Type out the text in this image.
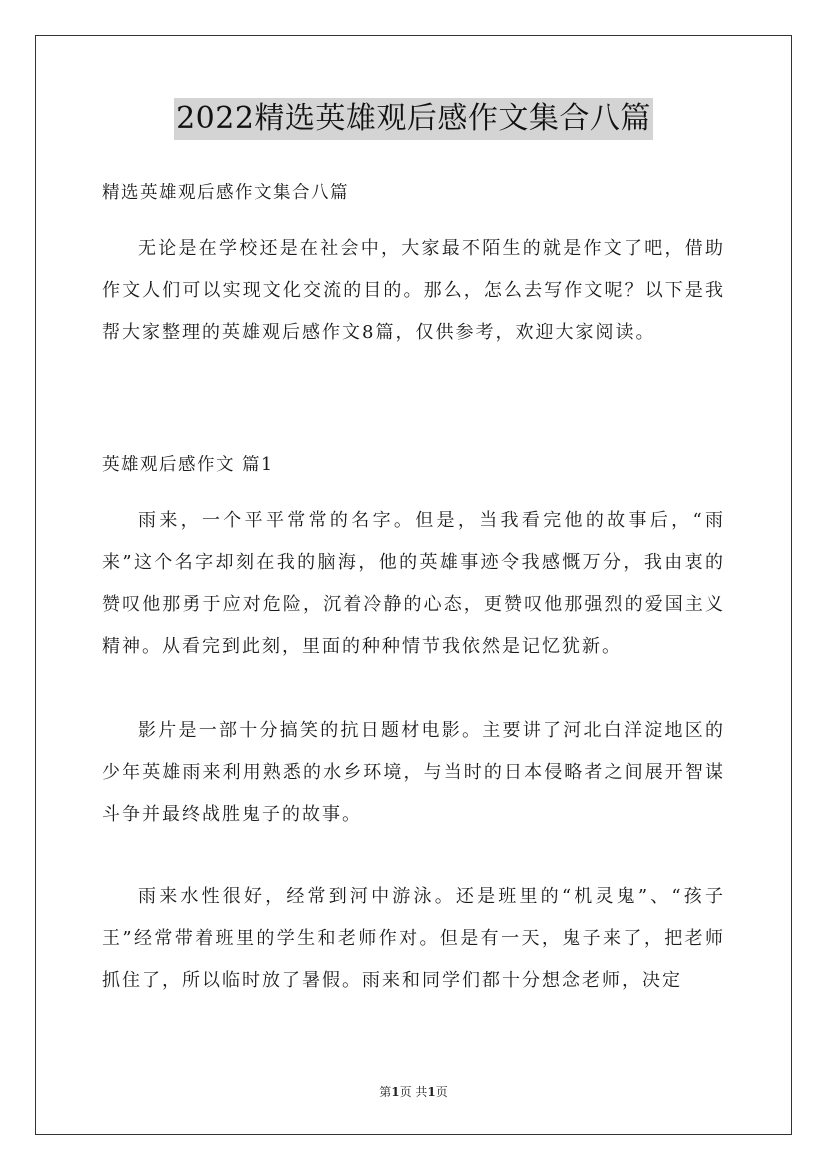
2022精选英雄观后感作文集合八篇
精选英雄观后感作文集合八篇

无论是在学校还是在社会中，大家最不陌生的就是作文了吧，借助作文人们可以实现文化交流的目的。那么，怎么去写作文呢？以下是我帮大家整理的英雄观后感作文8篇，仅供参考，欢迎大家阅读。

英雄观后感作文 篇1

雨来，一个平平常常的名字。但是，当我看完他的故事后，“雨来”这个名字却刻在我的脑海，他的英雄事迹令我感慨万分，我由衷的赞叹他那勇于应对危险，沉着冷静的心态，更赞叹他那强烈的爱国主义精神。从看完到此刻，里面的种种情节我依然是记忆犹新。

影片是一部十分搞笑的抗日题材电影。主要讲了河北白洋淀地区的少年英雄雨来利用熟悉的水乡环境，与当时的日本侵略者之间展开智谋斗争并最终战胜鬼子的故事。

雨来水性很好，经常到河中游泳。还是班里的“机灵鬼”、“孩子王”经常带着班里的学生和老师作对。但是有一天，鬼子来了，把老师抓住了，所以临时放了暑假。雨来和同学们都十分想念老师，决定

第1页 共1页
